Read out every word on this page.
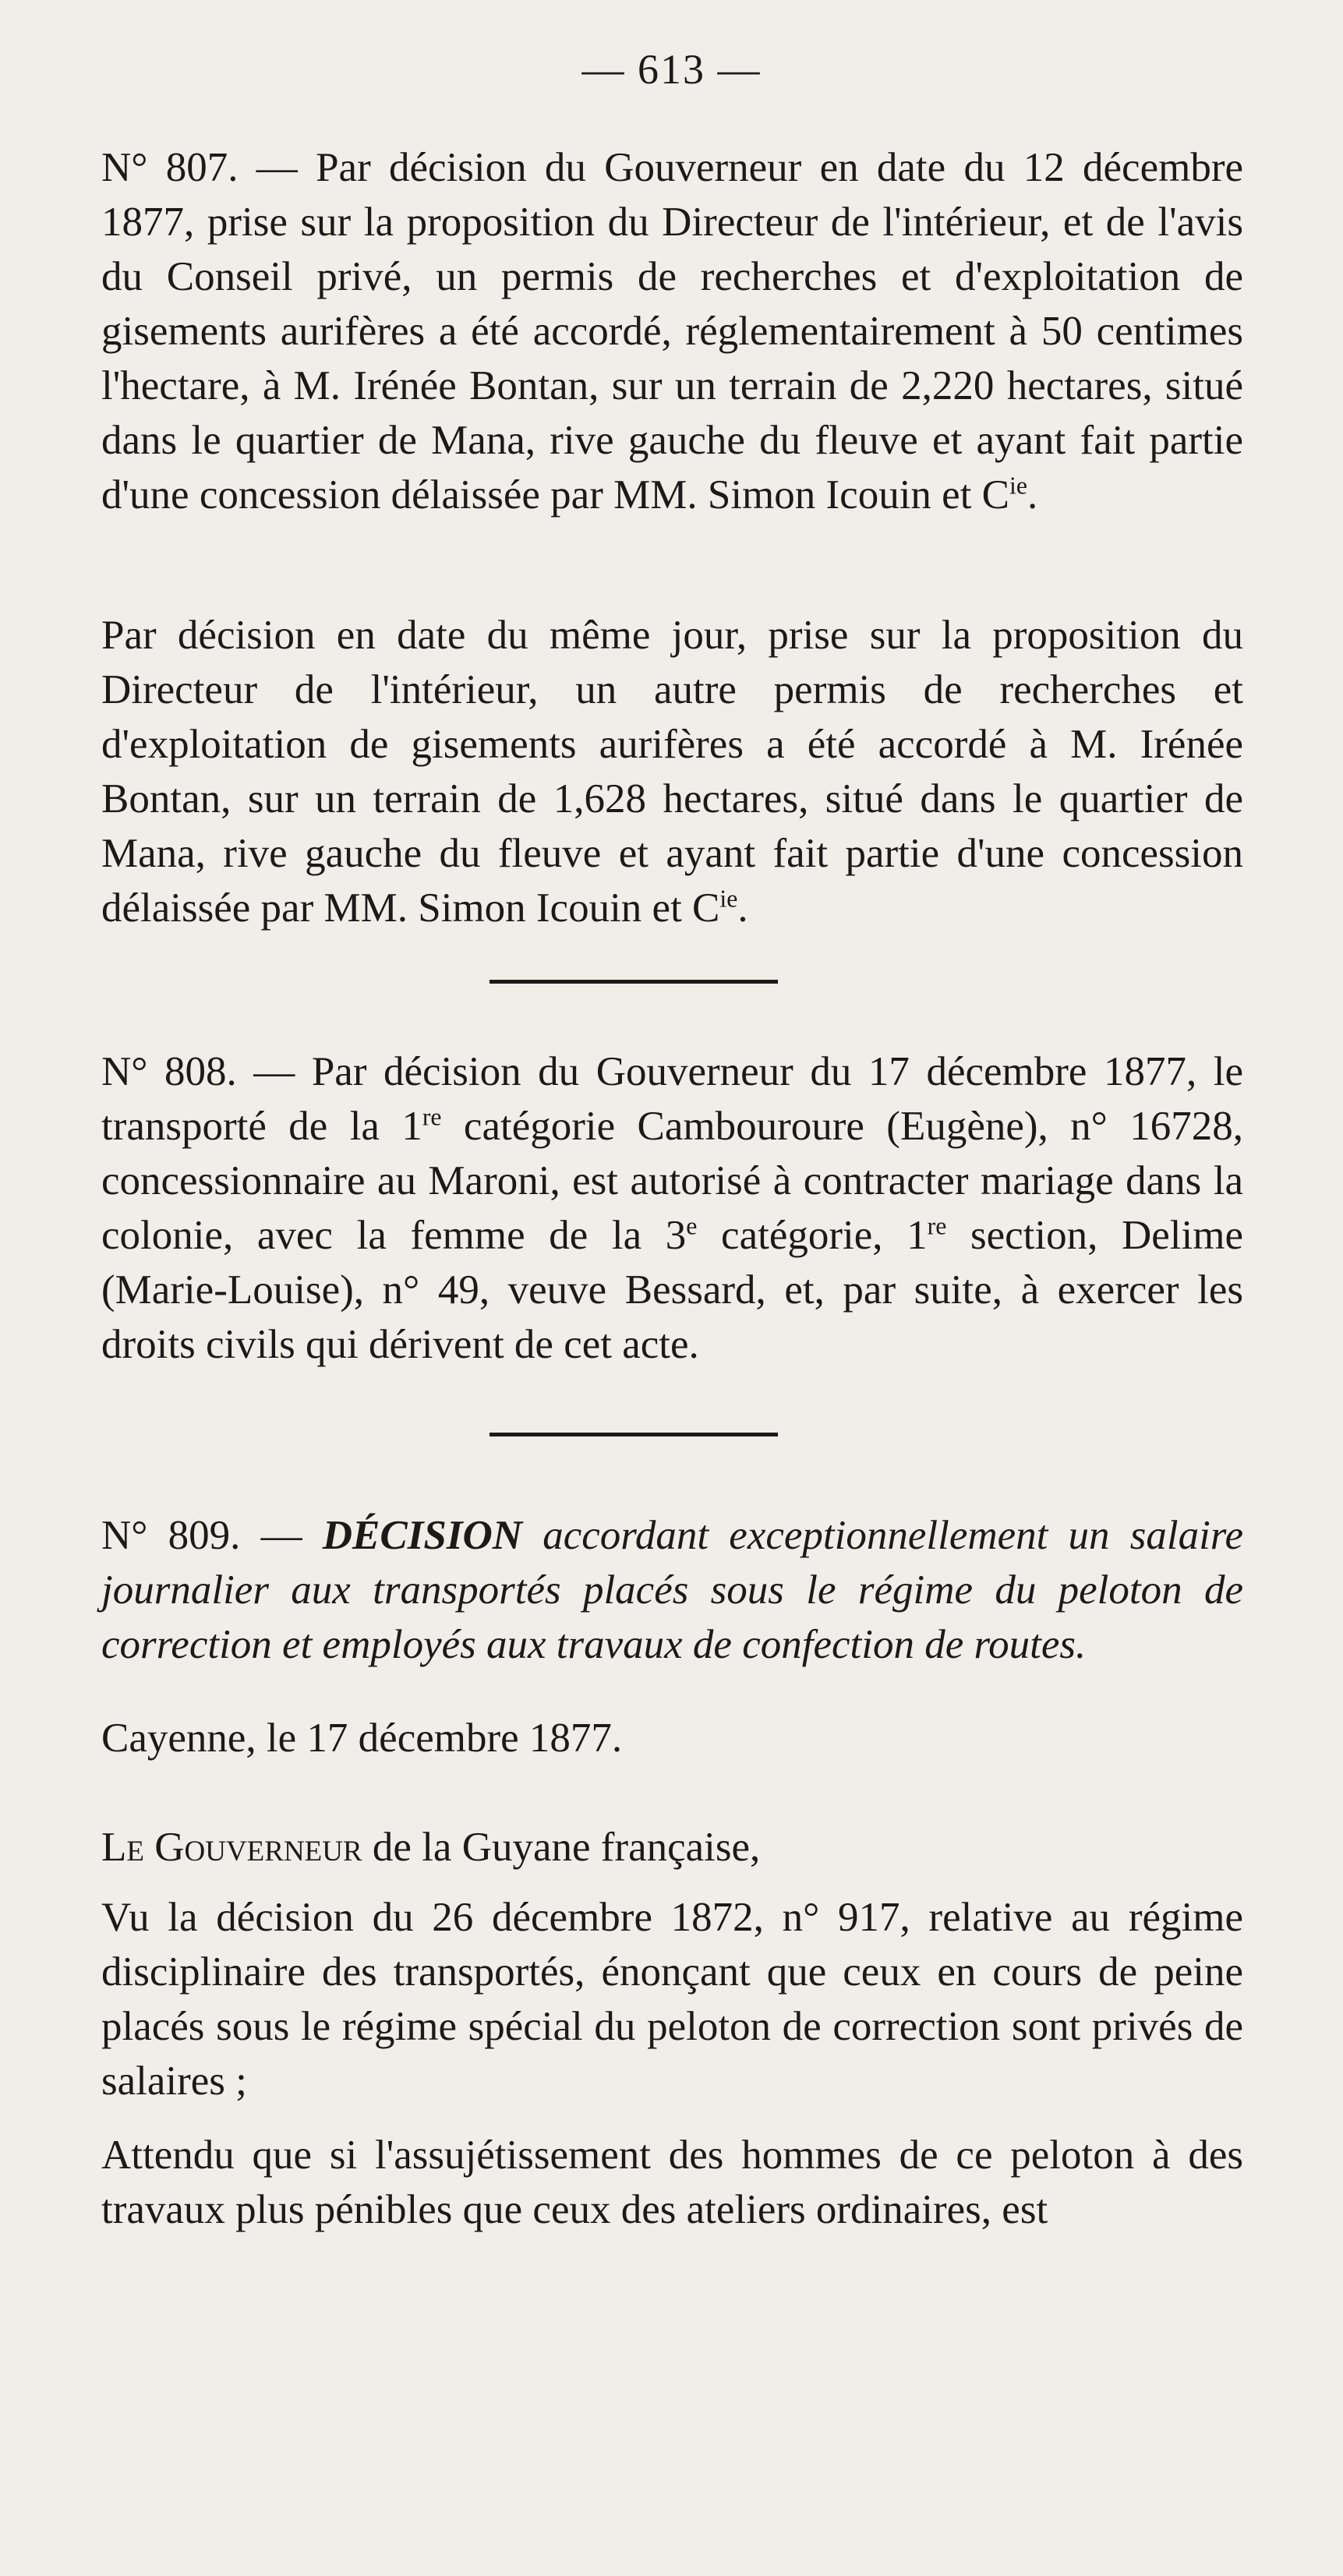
— 613 —
N° 807. — Par décision du Gouverneur en date du 12 décembre 1877, prise sur la proposition du Directeur de l'intérieur, et de l'avis du Conseil privé, un permis de recherches et d'exploitation de gisements aurifères a été accordé, réglementairement à 50 centimes l'hectare, à M. Irénée Bontan, sur un terrain de 2,220 hectares, situé dans le quartier de Mana, rive gauche du fleuve et ayant fait partie d'une concession délaissée par MM. Simon Icouin et $C^{ie}$.
Par décision en date du même jour, prise sur la proposition du Directeur de l'intérieur, un autre permis de recherches et d'exploitation de gisements aurifères a été accordé à M. Irénée Bontan, sur un terrain de 1,628 hectares, situé dans le quartier de Mana, rive gauche du fleuve et ayant fait partie d'une concession délaissée par MM. Simon Icouin et $C^{ie}$.
N° 808. — Par décision du Gouverneur du 17 décembre 1877, le transporté de la 1re catégorie Cambouroure (Eugène), n° 16728, concessionnaire au Maroni, est autorisé à contracter mariage dans la colonie, avec la femme de la 3e catégorie, 1re section, Delime (Marie-Louise), n° 49, veuve Bessard, et, par suite, à exercer les droits civils qui dérivent de cet acte.
N° 809. — DÉCISION accordant exceptionnellement un salaire journalier aux transportés placés sous le régime du peloton de correction et employés aux travaux de confection de routes.
Cayenne, le 17 décembre 1877.
Le Gouverneur de la Guyane française,
Vu la décision du 26 décembre 1872, n° 917, relative au régime disciplinaire des transportés, énonçant que ceux en cours de peine placés sous le régime spécial du peloton de correction sont privés de salaires ;
Attendu que si l'assujétissement des hommes de ce peloton à des travaux plus pénibles que ceux des ateliers ordinaires, est
